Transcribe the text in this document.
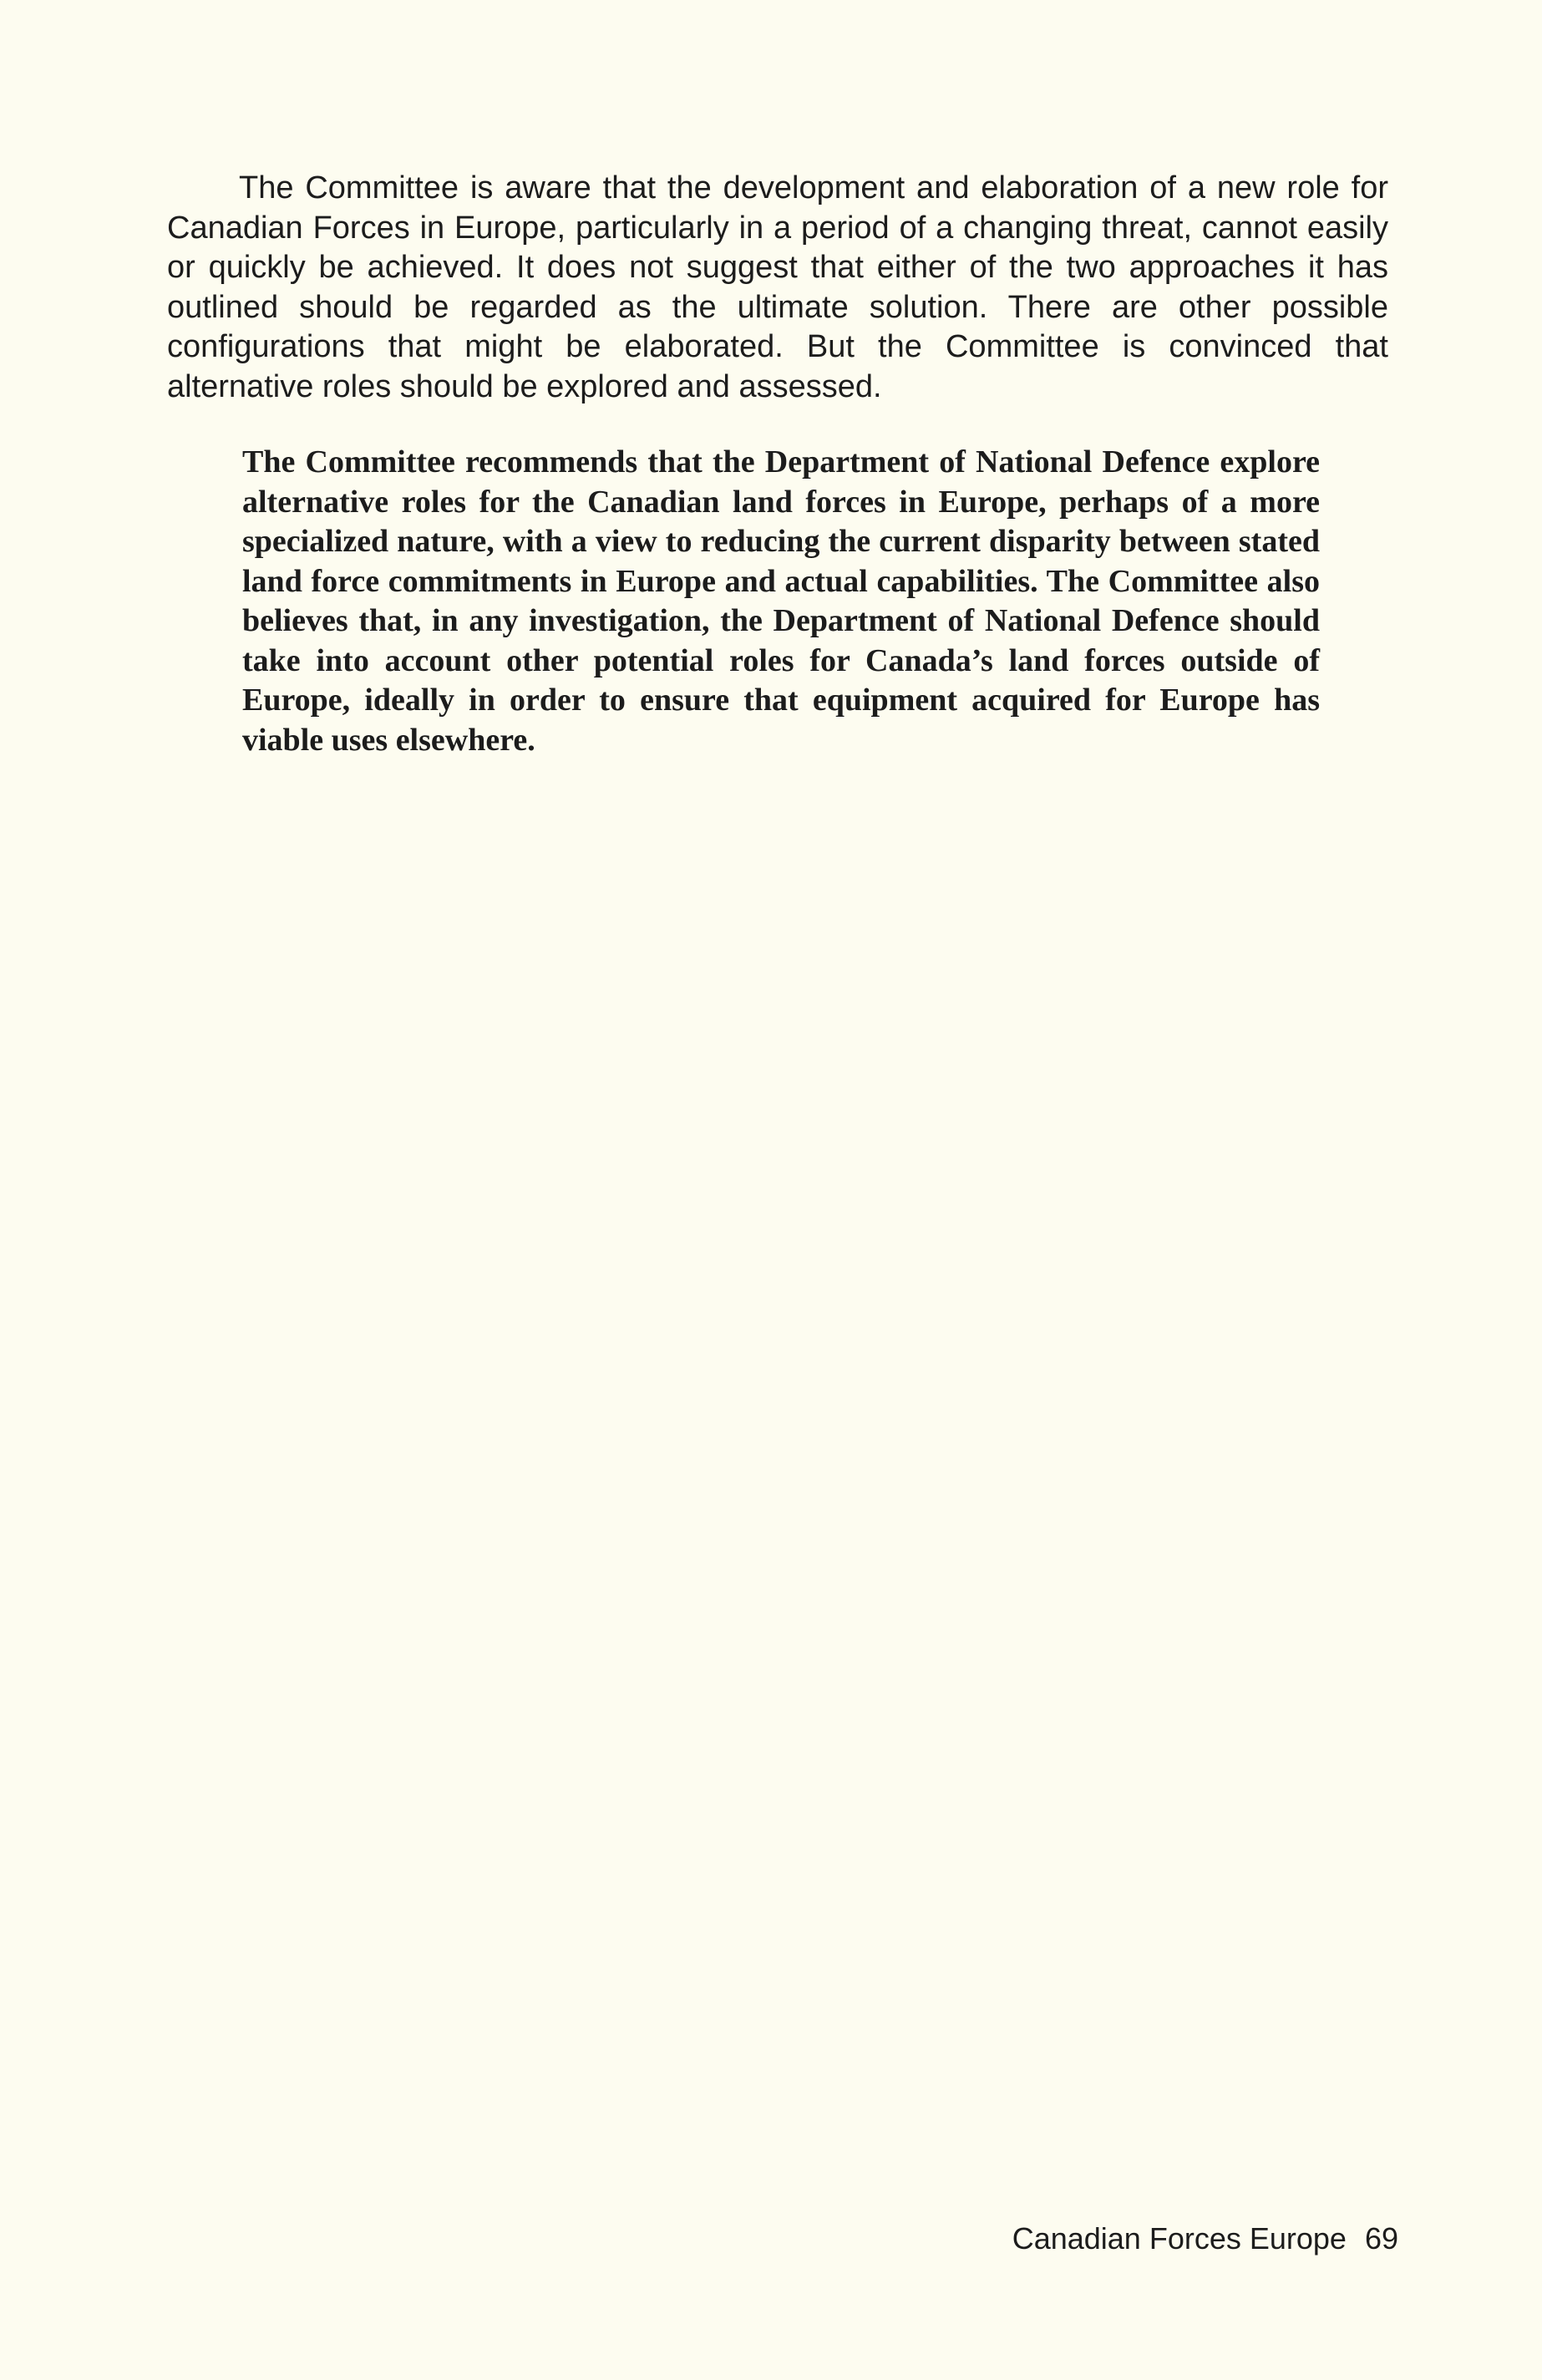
The Committee is aware that the development and elaboration of a new role for Canadian Forces in Europe, particularly in a period of a changing threat, cannot easily or quickly be achieved. It does not suggest that either of the two approaches it has outlined should be regarded as the ultimate solution. There are other possible configurations that might be elaborated. But the Committee is convinced that alternative roles should be explored and assessed.

The Committee recommends that the Department of National Defence explore alternative roles for the Canadian land forces in Europe, perhaps of a more specialized nature, with a view to reducing the current disparity between stated land force commitments in Europe and actual capabilities. The Committee also believes that, in any investigation, the Department of National Defence should take into account other potential roles for Canada’s land forces outside of Europe, ideally in order to ensure that equipment acquired for Europe has viable uses elsewhere.

Canadian Forces Europe 69
